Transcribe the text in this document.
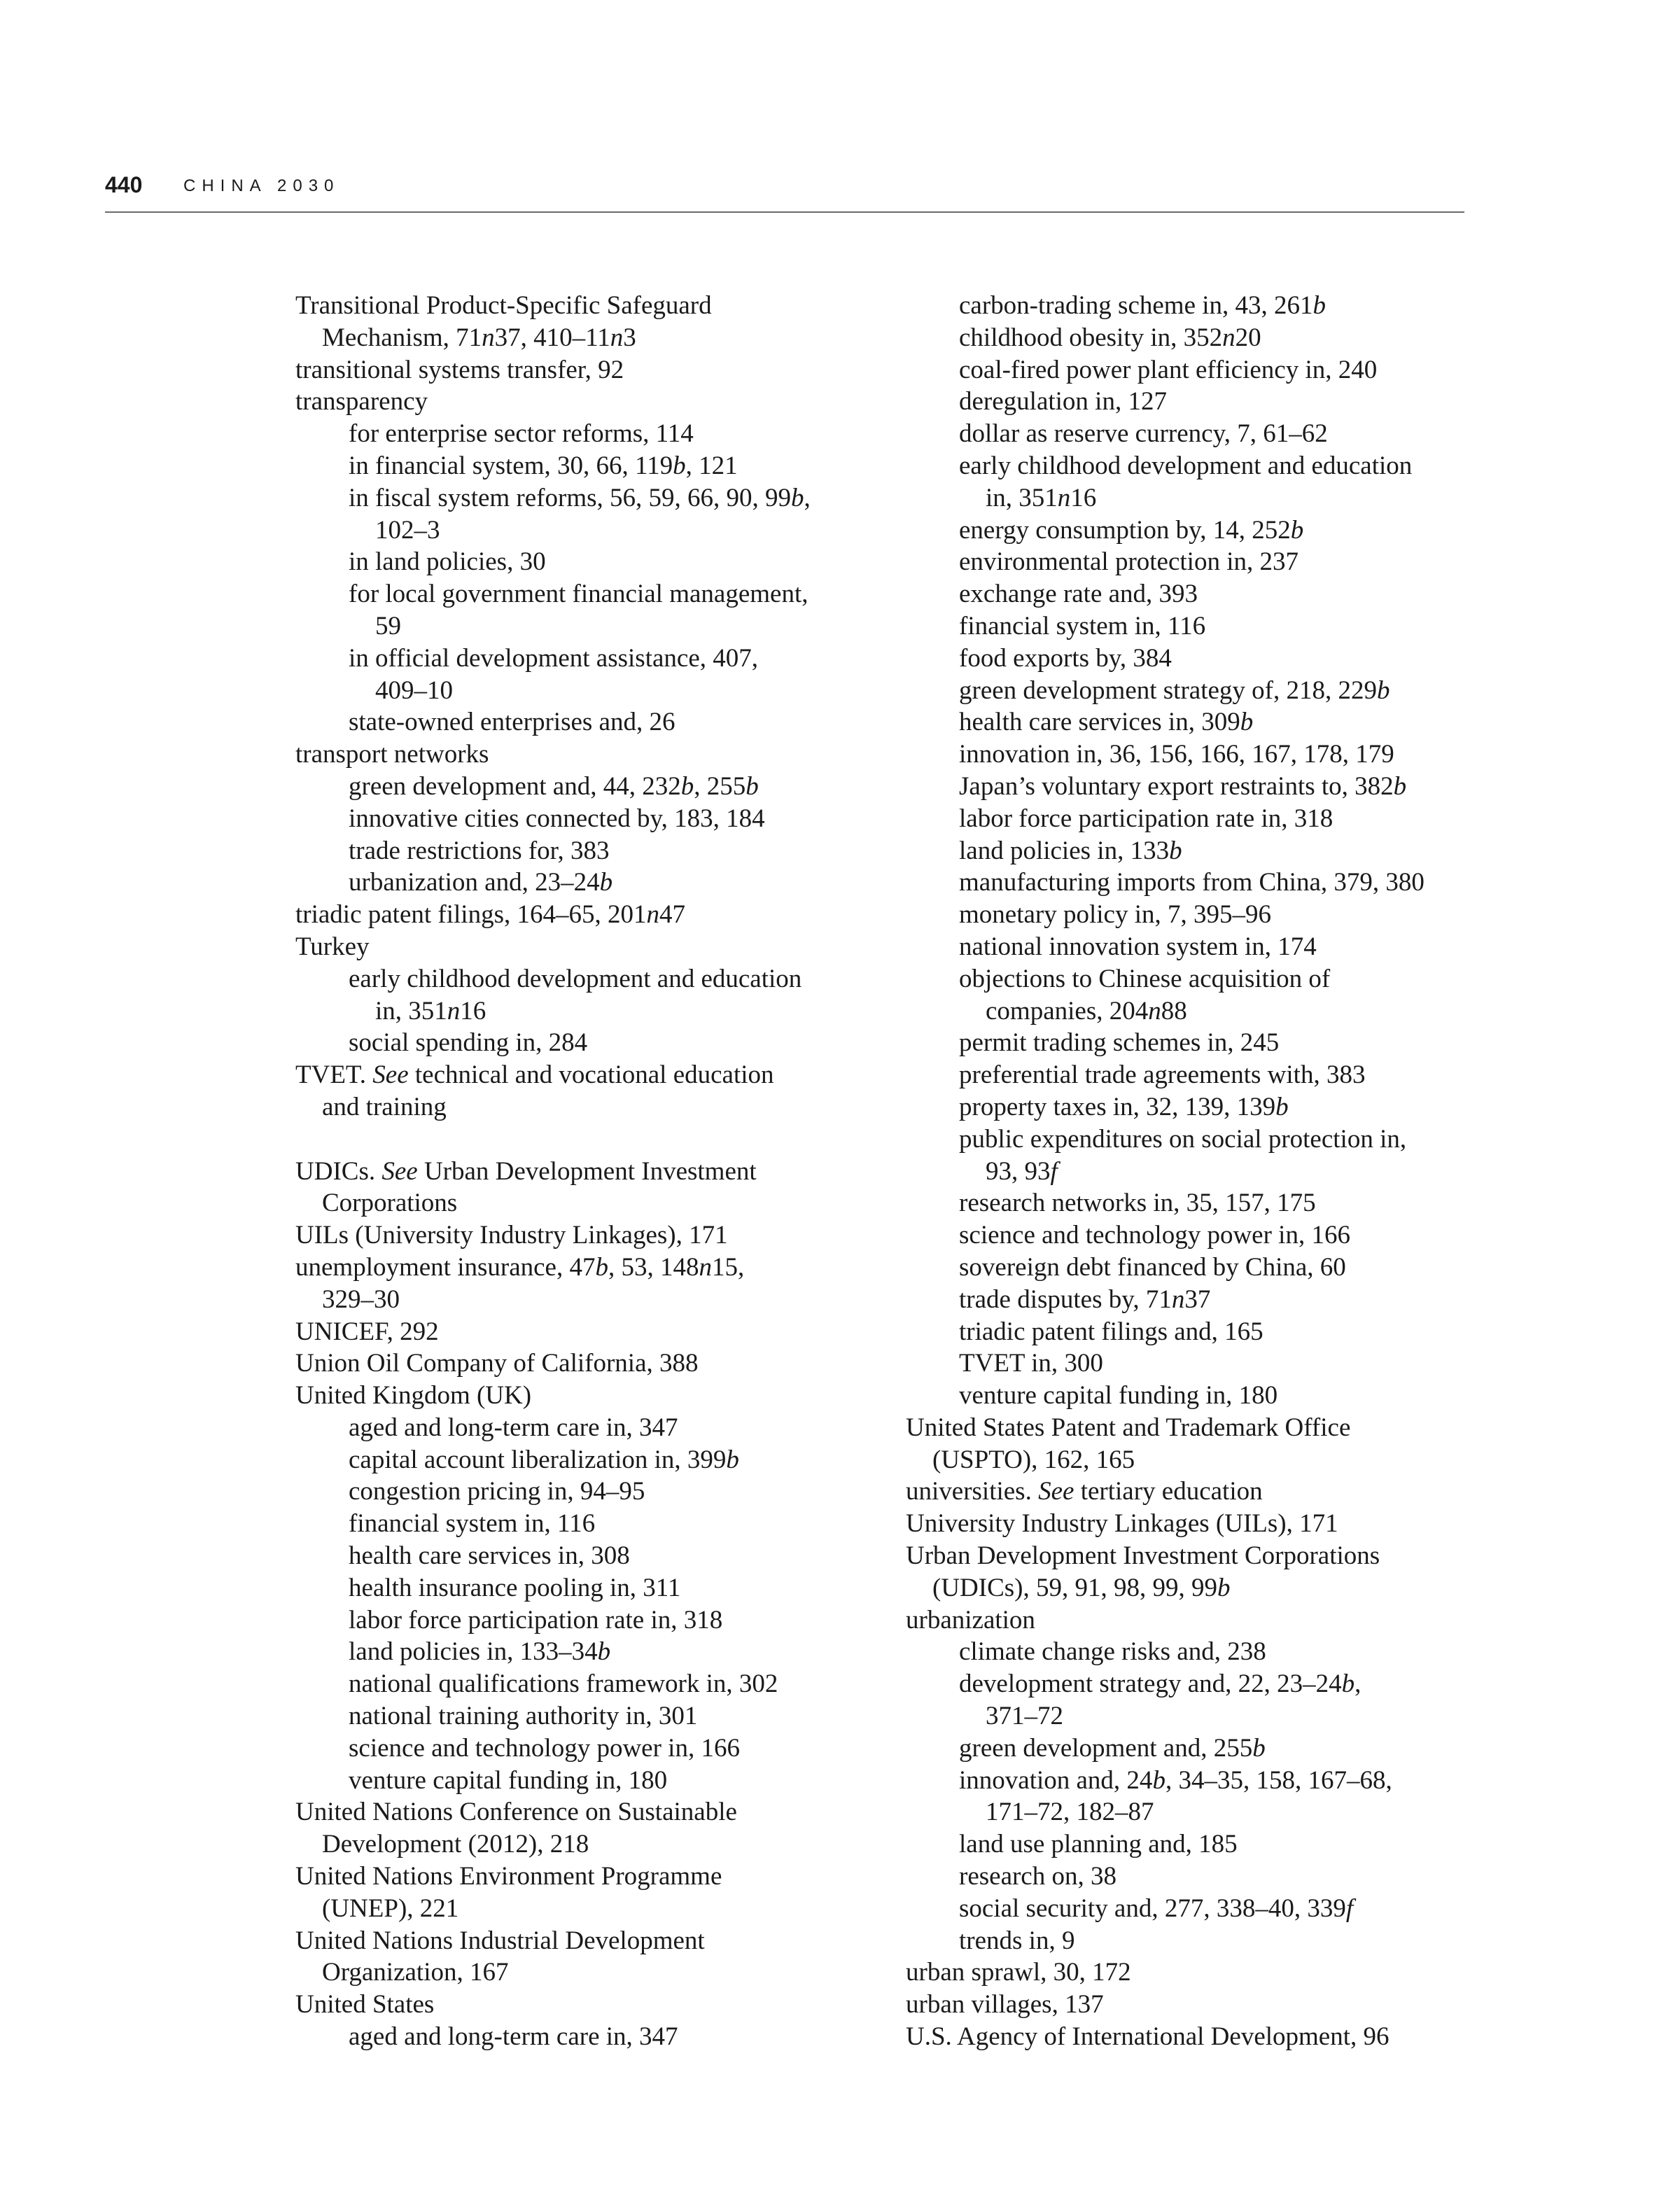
440 CHINA 2030
Transitional Product-Specific Safeguard
Mechanism, 71n37, 410–11n3
transitional systems transfer, 92
transparency
for enterprise sector reforms, 114
in financial system, 30, 66, 119b, 121
in fiscal system reforms, 56, 59, 66, 90, 99b,
102–3
in land policies, 30
for local government financial management,
59
in official development assistance, 407,
409–10
state-owned enterprises and, 26
transport networks
green development and, 44, 232b, 255b
innovative cities connected by, 183, 184
trade restrictions for, 383
urbanization and, 23–24b
triadic patent filings, 164–65, 201n47
Turkey
early childhood development and education
in, 351n16
social spending in, 284
TVET. See technical and vocational education
and training
UDICs. See Urban Development Investment
Corporations
UILs (University Industry Linkages), 171
unemployment insurance, 47b, 53, 148n15,
329–30
UNICEF, 292
Union Oil Company of California, 388
United Kingdom (UK)
aged and long-term care in, 347
capital account liberalization in, 399b
congestion pricing in, 94–95
financial system in, 116
health care services in, 308
health insurance pooling in, 311
labor force participation rate in, 318
land policies in, 133–34b
national qualifications framework in, 302
national training authority in, 301
science and technology power in, 166
venture capital funding in, 180
United Nations Conference on Sustainable
Development (2012), 218
United Nations Environment Programme
(UNEP), 221
United Nations Industrial Development
Organization, 167
United States
aged and long-term care in, 347
carbon-trading scheme in, 43, 261b
childhood obesity in, 352n20
coal-fired power plant efficiency in, 240
deregulation in, 127
dollar as reserve currency, 7, 61–62
early childhood development and education
in, 351n16
energy consumption by, 14, 252b
environmental protection in, 237
exchange rate and, 393
financial system in, 116
food exports by, 384
green development strategy of, 218, 229b
health care services in, 309b
innovation in, 36, 156, 166, 167, 178, 179
Japan’s voluntary export restraints to, 382b
labor force participation rate in, 318
land policies in, 133b
manufacturing imports from China, 379, 380
monetary policy in, 7, 395–96
national innovation system in, 174
objections to Chinese acquisition of
companies, 204n88
permit trading schemes in, 245
preferential trade agreements with, 383
property taxes in, 32, 139, 139b
public expenditures on social protection in,
93, 93f
research networks in, 35, 157, 175
science and technology power in, 166
sovereign debt financed by China, 60
trade disputes by, 71n37
triadic patent filings and, 165
TVET in, 300
venture capital funding in, 180
United States Patent and Trademark Office
(USPTO), 162, 165
universities. See tertiary education
University Industry Linkages (UILs), 171
Urban Development Investment Corporations
(UDICs), 59, 91, 98, 99, 99b
urbanization
climate change risks and, 238
development strategy and, 22, 23–24b,
371–72
green development and, 255b
innovation and, 24b, 34–35, 158, 167–68,
171–72, 182–87
land use planning and, 185
research on, 38
social security and, 277, 338–40, 339f
trends in, 9
urban sprawl, 30, 172
urban villages, 137
U.S. Agency of International Development, 96
